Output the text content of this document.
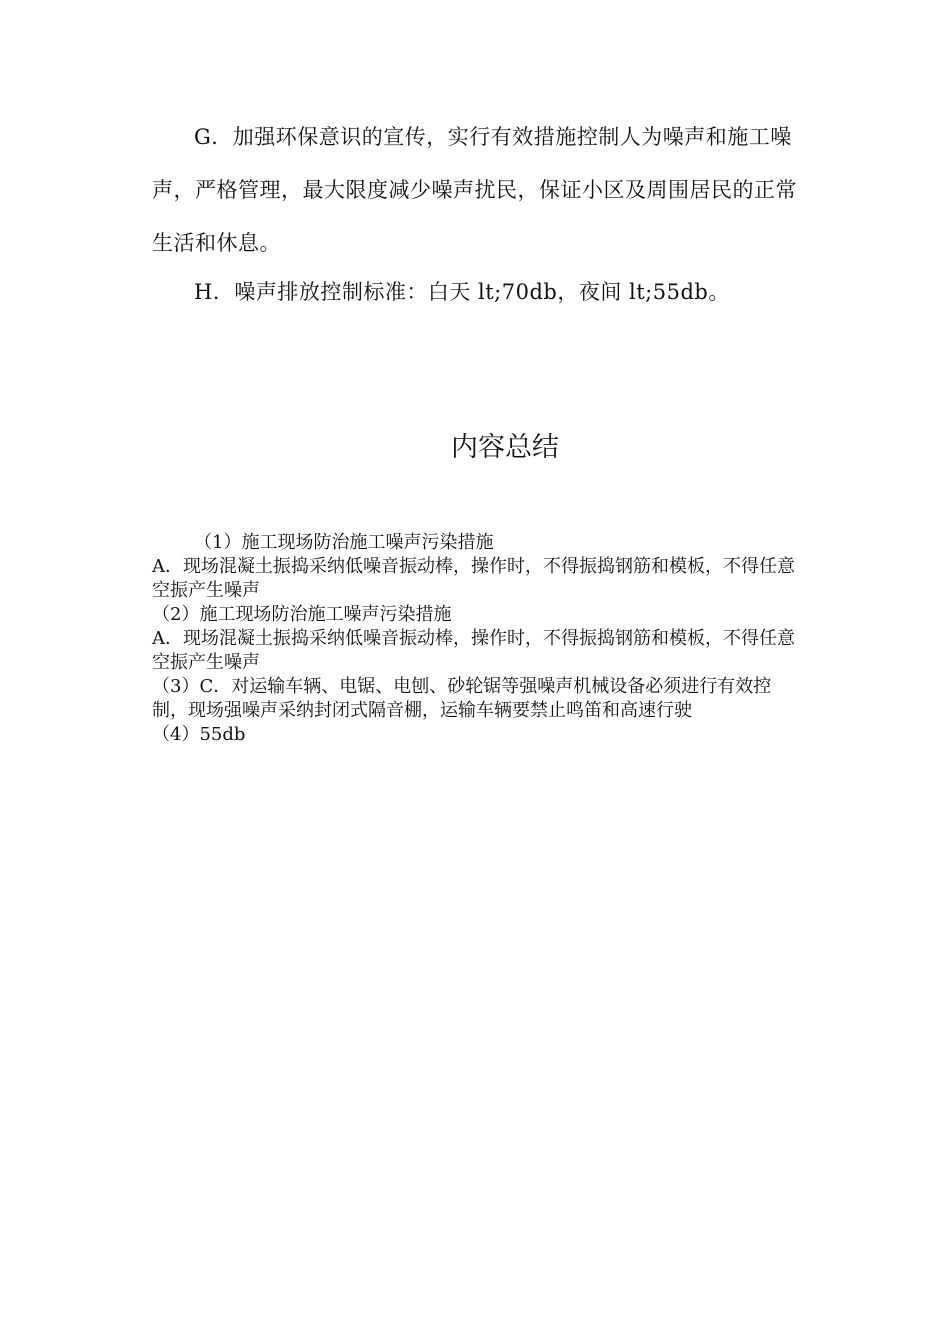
G．加强环保意识的宣传，实行有效措施控制人为噪声和施工噪声，严格管理，最大限度减少噪声扰民，保证小区及周围居民的正常生活和休息。

H．噪声排放控制标准：白天 lt;70db，夜间 lt;55db。

内容总结

（1）施工现场防治施工噪声污染措施

A．现场混凝土振捣采纳低噪音振动棒，操作时，不得振捣钢筋和模板，不得任意空振产生噪声

（2）施工现场防治施工噪声污染措施

A．现场混凝土振捣采纳低噪音振动棒，操作时，不得振捣钢筋和模板，不得任意空振产生噪声

（3）C．对运输车辆、电锯、电刨、砂轮锯等强噪声机械设备必须进行有效控制，现场强噪声采纳封闭式隔音棚，运输车辆要禁止鸣笛和高速行驶

（4）55db
